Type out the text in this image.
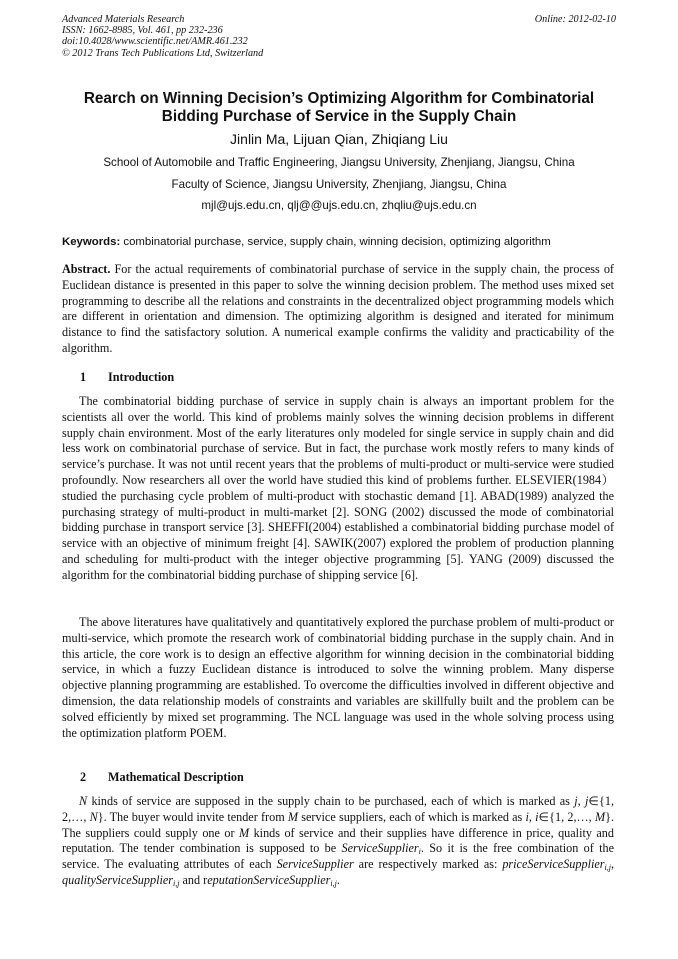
Advanced Materials Research
ISSN: 1662-8985, Vol. 461, pp 232-236
doi:10.4028/www.scientific.net/AMR.461.232
© 2012 Trans Tech Publications Ltd, Switzerland
Online: 2012-02-10
Rearch on Winning Decision’s Optimizing Algorithm for Combinatorial
Bidding Purchase of Service in the Supply Chain
Jinlin Ma, Lijuan Qian, Zhiqiang Liu
School of Automobile and Traffic Engineering, Jiangsu University, Zhenjiang, Jiangsu, China
Faculty of Science, Jiangsu University, Zhenjiang, Jiangsu, China
mjl@ujs.edu.cn, qlj@@ujs.edu.cn, zhqliu@ujs.edu.cn
Keywords: combinatorial purchase, service, supply chain, winning decision, optimizing algorithm
Abstract. For the actual requirements of combinatorial purchase of service in the supply chain, the process of Euclidean distance is presented in this paper to solve the winning decision problem. The method uses mixed set programming to describe all the relations and constraints in the decentralized object programming models which are different in orientation and dimension. The optimizing algorithm is designed and iterated for minimum distance to find the satisfactory solution. A numerical example confirms the validity and practicability of the algorithm.
1 Introduction
The combinatorial bidding purchase of service in supply chain is always an important problem for the scientists all over the world. This kind of problems mainly solves the winning decision problems in different supply chain environment. Most of the early literatures only modeled for single service in supply chain and did less work on combinatorial purchase of service. But in fact, the purchase work mostly refers to many kinds of service’s purchase. It was not until recent years that the problems of multi-product or multi-service were studied profoundly. Now researchers all over the world have studied this kind of problems further. ELSEVIER(1984）studied the purchasing cycle problem of multi-product with stochastic demand [1]. ABAD(1989) analyzed the purchasing strategy of multi-product in multi-market [2]. SONG (2002) discussed the mode of combinatorial bidding purchase in transport service [3]. SHEFFI(2004) established a combinatorial bidding purchase model of service with an objective of minimum freight [4]. SAWIK(2007) explored the problem of production planning and scheduling for multi-product with the integer objective programming [5]. YANG (2009) discussed the algorithm for the combinatorial bidding purchase of shipping service [6].
The above literatures have qualitatively and quantitatively explored the purchase problem of multi-product or multi-service, which promote the research work of combinatorial bidding purchase in the supply chain. And in this article, the core work is to design an effective algorithm for winning decision in the combinatorial bidding service, in which a fuzzy Euclidean distance is introduced to solve the winning problem. Many disperse objective planning programming are established. To overcome the difficulties involved in different objective and dimension, the data relationship models of constraints and variables are skillfully built and the problem can be solved efficiently by mixed set programming. The NCL language was used in the whole solving process using the optimization platform POEM.
2 Mathematical Description
N kinds of service are supposed in the supply chain to be purchased, each of which is marked as j, j∈{1, 2,…, N}. The buyer would invite tender from M service suppliers, each of which is marked as i, i∈{1, 2,…, M}. The suppliers could supply one or M kinds of service and their supplies have difference in price, quality and reputation. The tender combination is supposed to be ServiceSupplier$_i$. So it is the free combination of the service. The evaluating attributes of each ServiceSupplier are respectively marked as: priceServiceSupplier$_{i,j}$, qualityServiceSupplier$_{i,j}$ and reputationServiceSupplier$_{i,j}$.
